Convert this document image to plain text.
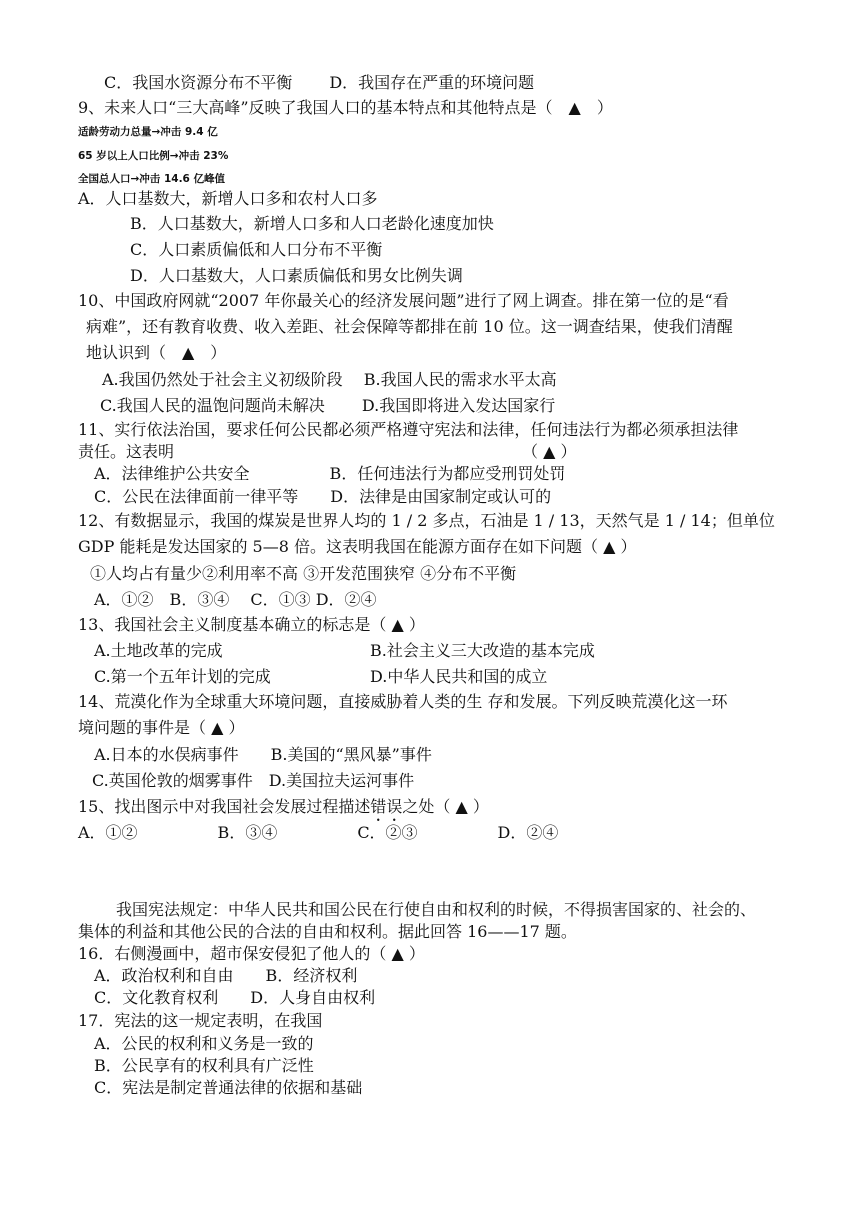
C．我国水资源分布不平衡　　 D．我国存在严重的环境问题
9、未来人口“三大高峰”反映了我国人口的基本特点和其他特点是（　▲　）
适龄劳动力总量→冲击 9.4 亿
65 岁以上人口比例→冲击 23%
全国总人口→冲击 14.6 亿峰值
A．人口基数大，新增人口多和农村人口多
B．人口基数大，新增人口多和人口老龄化速度加快
C．人口素质偏低和人口分布不平衡
D．人口基数大，人口素质偏低和男女比例失调
10、中国政府网就“2007 年你最关心的经济发展问题”进行了网上调查。排在第一位的是“看
病难”，还有教育收费、收入差距、社会保障等都排在前 10 位。这一调查结果，使我们清醒
地认识到（　▲　）
A.我国仍然处于社会主义初级阶段　 B.我国人民的需求水平太高
C.我国人民的温饱问题尚未解决　　 D.我国即将进入发达国家行
11、实行依法治国，要求任何公民都必须严格遵守宪法和法律，任何违法行为都必须承担法律
责任。这表明	（ ▲ ）
A．法律维护公共安全　　　　　B．任何违法行为都应受刑罚处罚
C．公民在法律面前一律平等　　D．法律是由国家制定或认可的
12、有数据显示，我国的煤炭是世界人均的 1 / 2 多点，石油是 1 / 13，天然气是 1 / 14；但单位
GDP 能耗是发达国家的 5—8 倍。这表明我国在能源方面存在如下问题（ ▲ ）
①人均占有量少②利用率不高 ③开发范围狭窄 ④分布不平衡
A．①②　B．③④　 C．①③ D．②④
13、我国社会主义制度基本确立的标志是（ ▲ ）
A.土地改革的完成	B.社会主义三大改造的基本完成
C.第一个五年计划的完成	D.中华人民共和国的成立
14、荒漠化作为全球重大环境问题，直接威胁着人类的生 存和发展。下列反映荒漠化这一环
境问题的事件是（ ▲ ）
A.日本的水俣病事件　　B.美国的“黑风暴”事件
C.英国伦敦的烟雾事件　D.美国拉夫运河事件
15、找出图示中对我国社会发展过程描述错误之处（ ▲ ）
A．①②　　　　　B．③④　　　　　C．②③　　　　　D．②④
我国宪法规定：中华人民共和国公民在行使自由和权利的时候，不得损害国家的、社会的、
集体的利益和其他公民的合法的自由和权利。据此回答 16——17 题。
16．右侧漫画中，超市保安侵犯了他人的（ ▲ ）
A．政治权利和自由　　B．经济权利
C．文化教育权利　　D．人身自由权利
17．宪法的这一规定表明，在我国
A．公民的权利和义务是一致的
B．公民享有的权利具有广泛性
C．宪法是制定普通法律的依据和基础
